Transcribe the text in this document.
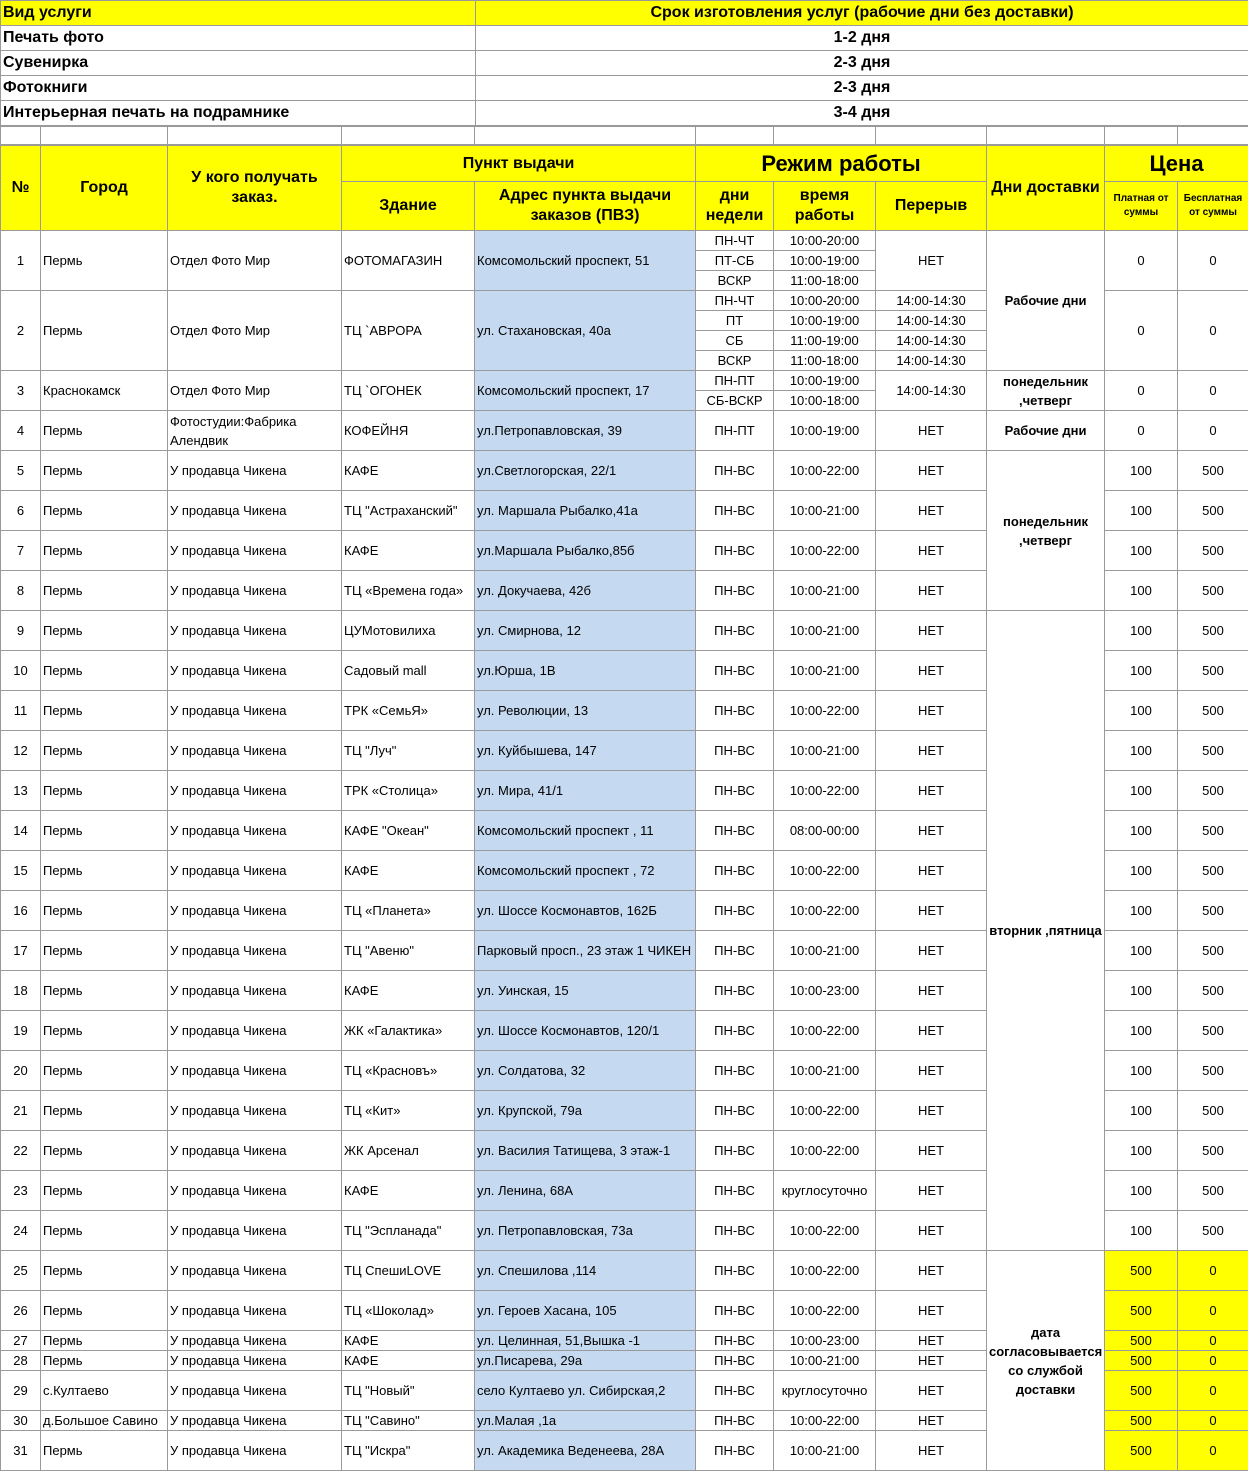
Вид услуги	Срок изготовления услуг (рабочие дни без доставки)
Печать фото	1-2 дня
Сувенирка	2-3 дня
Фотокниги	2-3 дня
Интерьерная печать на подрамнике	3-4 дня

№	Город	У кого получать заказ.	Пункт выдачи		Режим работы			Дни доставки	Цена	
			Здание	Адрес пункта выдачи заказов (ПВЗ)	дни недели	время работы	Перерыв		Платная от суммы	Бесплатная от суммы
1	Пермь	Отдел Фото Мир	ФОТОМАГАЗИН	Комсомольский проспект, 51	ПН-ЧТ	10:00-20:00	НЕТ	Рабочие дни	0	0
					ПТ-СБ	10:00-19:00				
					ВСКР	11:00-18:00				
2	Пермь	Отдел Фото Мир	ТЦ `АВРОРА	ул. Стахановская, 40а	ПН-ЧТ	10:00-20:00	14:00-14:30		0	0
					ПТ	10:00-19:00	14:00-14:30			
					СБ	11:00-19:00	14:00-14:30			
					ВСКР	11:00-18:00	14:00-14:30			
3	Краснокамск	Отдел Фото Мир	ТЦ `ОГОНЕК	Комсомольский проспект, 17	ПН-ПТ	10:00-19:00	14:00-14:30	понедельник ,четверг	0	0
					СБ-ВСКР	10:00-18:00				
4	Пермь	Фотостудии:Фабрика Алендвик	КОФЕЙНЯ	ул.Петропавловская, 39	ПН-ПТ	10:00-19:00	НЕТ	Рабочие дни	0	0
5	Пермь	У продавца Чикена	КАФЕ	ул.Светлогорская, 22/1	ПН-ВС	10:00-22:00	НЕТ	понедельник ,четверг	100	500
6	Пермь	У продавца Чикена	ТЦ "Астраханский"	ул. Маршала Рыбалко,41а	ПН-ВС	10:00-21:00	НЕТ		100	500
7	Пермь	У продавца Чикена	КАФЕ	ул.Маршала Рыбалко,85б	ПН-ВС	10:00-22:00	НЕТ		100	500
8	Пермь	У продавца Чикена	ТЦ «Времена года»	ул. Докучаева, 42б	ПН-ВС	10:00-21:00	НЕТ		100	500
9	Пермь	У продавца Чикена	ЦУМотовилиха	ул. Смирнова, 12	ПН-ВС	10:00-21:00	НЕТ	вторник ,пятница	100	500
10	Пермь	У продавца Чикена	Садовый mall	ул.Юрша, 1В	ПН-ВС	10:00-21:00	НЕТ		100	500
11	Пермь	У продавца Чикена	ТРК «СемьЯ»	ул. Революции, 13	ПН-ВС	10:00-22:00	НЕТ		100	500
12	Пермь	У продавца Чикена	ТЦ "Луч"	ул. Куйбышева, 147	ПН-ВС	10:00-21:00	НЕТ		100	500
13	Пермь	У продавца Чикена	ТРК «Столица»	ул. Мира, 41/1	ПН-ВС	10:00-22:00	НЕТ		100	500
14	Пермь	У продавца Чикена	КАФЕ "Океан"	Комсомольский проспект , 11	ПН-ВС	08:00-00:00	НЕТ		100	500
15	Пермь	У продавца Чикена	КАФЕ	Комсомольский проспект , 72	ПН-ВС	10:00-22:00	НЕТ		100	500
16	Пермь	У продавца Чикена	ТЦ «Планета»	ул. Шоссе Космонавтов, 162Б	ПН-ВС	10:00-22:00	НЕТ		100	500
17	Пермь	У продавца Чикена	ТЦ "Авеню"	Парковый просп., 23 этаж 1 ЧИКЕН	ПН-ВС	10:00-21:00	НЕТ		100	500
18	Пермь	У продавца Чикена	КАФЕ	ул. Уинская, 15	ПН-ВС	10:00-23:00	НЕТ		100	500
19	Пермь	У продавца Чикена	ЖК «Галактика»	ул. Шоссе Космонавтов, 120/1	ПН-ВС	10:00-22:00	НЕТ		100	500
20	Пермь	У продавца Чикена	ТЦ «Красновъ»	ул. Солдатова, 32	ПН-ВС	10:00-21:00	НЕТ		100	500
21	Пермь	У продавца Чикена	ТЦ «Кит»	ул. Крупской, 79а	ПН-ВС	10:00-22:00	НЕТ		100	500
22	Пермь	У продавца Чикена	ЖК Арсенал	ул. Василия Татищева, 3 этаж-1	ПН-ВС	10:00-22:00	НЕТ		100	500
23	Пермь	У продавца Чикена	КАФЕ	ул. Ленина, 68А	ПН-ВС	круглосуточно	НЕТ		100	500
24	Пермь	У продавца Чикена	ТЦ "Эспланада"	ул. Петропавловская, 73а	ПН-ВС	10:00-22:00	НЕТ		100	500
25	Пермь	У продавца Чикена	ТЦ СпешиLOVE	ул. Спешилова ,114	ПН-ВС	10:00-22:00	НЕТ	дата согласовывается со службой доставки	500	0
26	Пермь	У продавца Чикена	ТЦ «Шоколад»	ул. Героев Хасана, 105	ПН-ВС	10:00-22:00	НЕТ		500	0
27	Пермь	У продавца Чикена	КАФЕ	ул. Целинная, 51,Вышка -1	ПН-ВС	10:00-23:00	НЕТ		500	0
28	Пермь	У продавца Чикена	КАФЕ	ул.Писарева, 29а	ПН-ВС	10:00-21:00	НЕТ		500	0
29	с.Култаево	У продавца Чикена	ТЦ "Новый"	село Култаево ул. Сибирская,2	ПН-ВС	круглосуточно	НЕТ		500	0
30	д.Большое Савино	У продавца Чикена	ТЦ "Савино"	ул.Малая ,1а	ПН-ВС	10:00-22:00	НЕТ		500	0
31	Пермь	У продавца Чикена	ТЦ "Искра"	ул. Академика Веденеева, 28А	ПН-ВС	10:00-21:00	НЕТ		500	0
